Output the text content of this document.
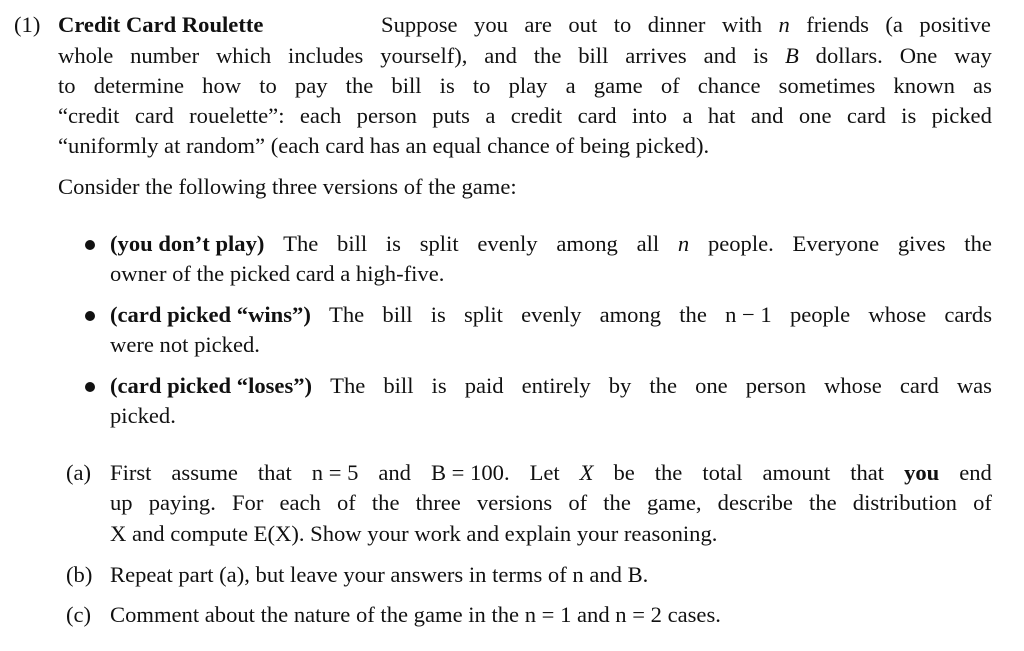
(1) Credit Card Roulette	Suppose you are out to dinner with n friends (a positive
whole number which includes yourself), and the bill arrives and is B dollars. One way
to determine how to pay the bill is to play a game of chance sometimes known as
“credit card rouelette”: each person puts a credit card into a hat and one card is picked
“uniformly at random” (each card has an equal chance of being picked).
Consider the following three versions of the game:
(you don’t play) The bill is split evenly among all n people. Everyone gives the
owner of the picked card a high-five.
(card picked “wins”) The bill is split evenly among the n − 1 people whose cards
were not picked.
(card picked “loses”) The bill is paid entirely by the one person whose card was
picked.
(a) First assume that n = 5 and B = 100. Let X be the total amount that you end
up paying. For each of the three versions of the game, describe the distribution of
X and compute E(X). Show your work and explain your reasoning.
(b) Repeat part (a), but leave your answers in terms of n and B.
(c) Comment about the nature of the game in the n = 1 and n = 2 cases.
